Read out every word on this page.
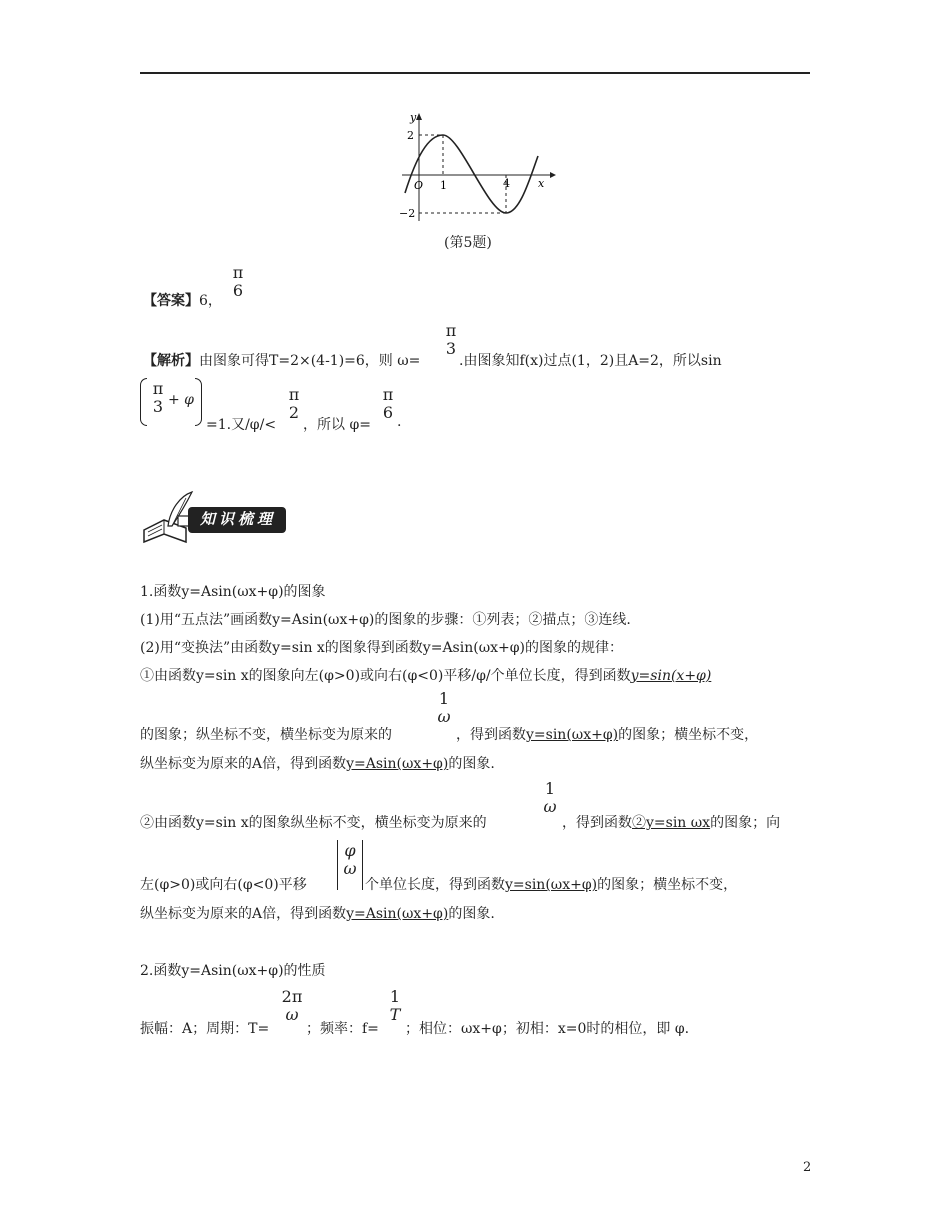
y
x
O 1	4
2
−2
(第5题)
【答案】6，
π
6
【解析】由图象可得T=2×(4-1)=6，则 ω=
π
3
.由图象知f(x)过点(1，2)且A=2，所以sin
π
3 + φ
=1.又/φ/<
π
2
，所以 φ=
π
6 .
知识梳理
1.函数y=Asin(ωx+φ)的图象
(1)用“五点法”画函数y=Asin(ωx+φ)的图象的步骤：①列表；②描点；③连线.
(2)用“变换法”由函数y=sin x的图象得到函数y=Asin(ωx+φ)的图象的规律：
①由函数y=sin x的图象向左(φ>0)或向右(φ<0)平移/φ/个单位长度，得到函数y=sin(x+φ)
的图象；纵坐标不变，横坐标变为原来的
1
ω
，得到函数y=sin(ωx+φ)的图象；横坐标不变，
纵坐标变为原来的A倍，得到函数y=Asin(ωx+φ)的图象.
②由函数y=sin x的图象纵坐标不变，横坐标变为原来的
1
ω
，得到函数②y=sin ωx的图象；向
左(φ>0)或向右(φ<0)平移
φ
ω
个单位长度，得到函数y=sin(ωx+φ)的图象；横坐标不变，
纵坐标变为原来的A倍，得到函数y=Asin(ωx+φ)的图象.
2.函数y=Asin(ωx+φ)的性质
振幅：A；周期：T=
2π
ω
；频率：f=
1
T
；相位：ωx+φ；初相：x=0时的相位，即 φ.
2
